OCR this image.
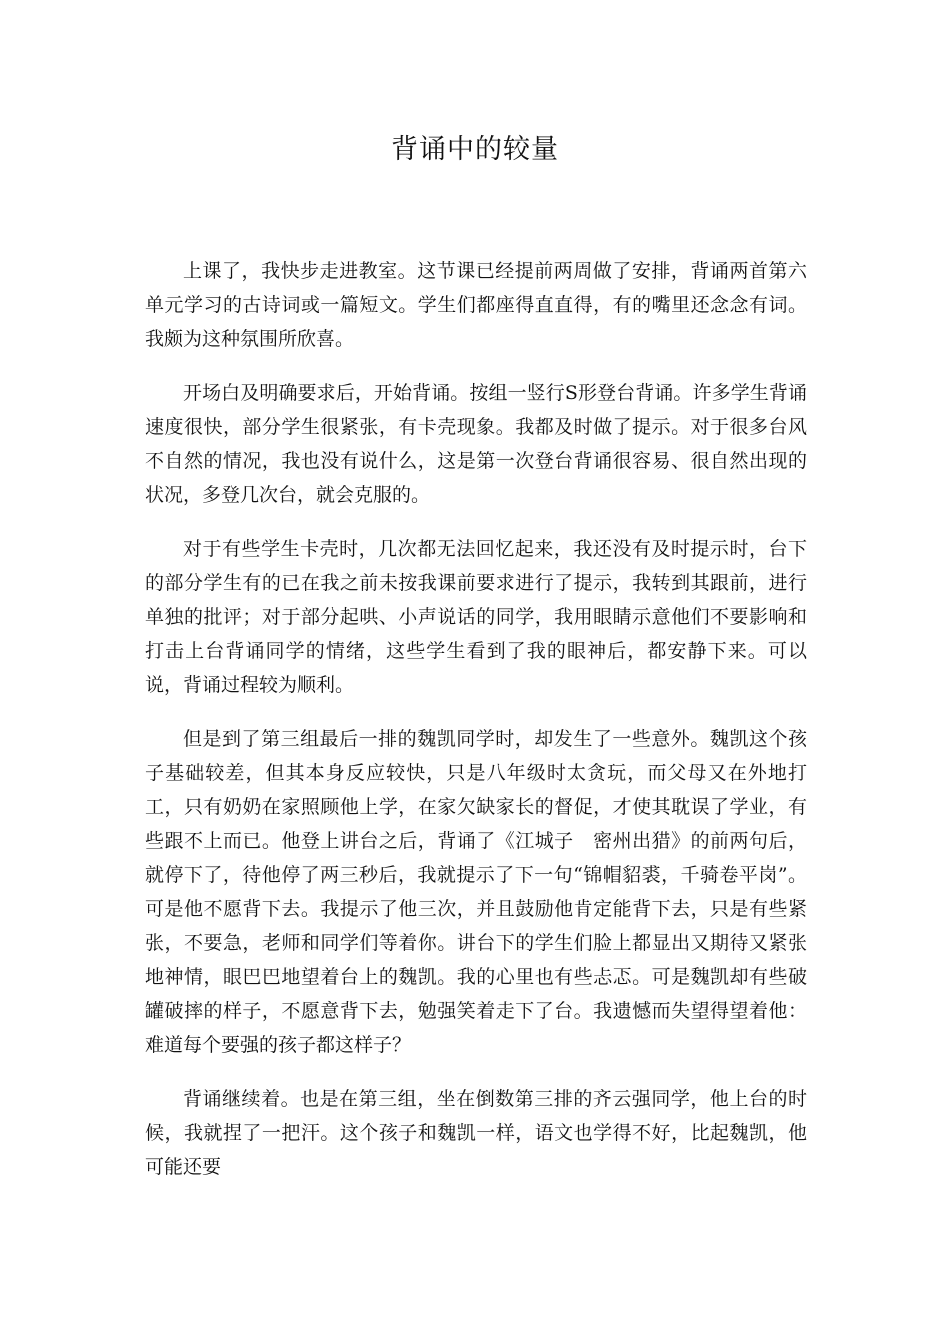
背诵中的较量

上课了，我快步走进教室。这节课已经提前两周做了安排，背诵两首第六单元学习的古诗词或一篇短文。学生们都座得直直得，有的嘴里还念念有词。我颇为这种氛围所欣喜。

开场白及明确要求后，开始背诵。按组一竖行S形登台背诵。许多学生背诵速度很快，部分学生很紧张，有卡壳现象。我都及时做了提示。对于很多台风不自然的情况，我也没有说什么，这是第一次登台背诵很容易、很自然出现的状况，多登几次台，就会克服的。

对于有些学生卡壳时，几次都无法回忆起来，我还没有及时提示时，台下的部分学生有的已在我之前未按我课前要求进行了提示，我转到其跟前，进行单独的批评；对于部分起哄、小声说话的同学，我用眼睛示意他们不要影响和打击上台背诵同学的情绪，这些学生看到了我的眼神后，都安静下来。可以说，背诵过程较为顺利。

但是到了第三组最后一排的魏凯同学时，却发生了一些意外。魏凯这个孩子基础较差，但其本身反应较快，只是八年级时太贪玩，而父母又在外地打工，只有奶奶在家照顾他上学，在家欠缺家长的督促，才使其耽误了学业，有些跟不上而已。他登上讲台之后，背诵了《江城子　密州出猎》的前两句后，就停下了，待他停了两三秒后，我就提示了下一句“锦帽貂裘，千骑卷平岗”。可是他不愿背下去。我提示了他三次，并且鼓励他肯定能背下去，只是有些紧张，不要急，老师和同学们等着你。讲台下的学生们脸上都显出又期待又紧张地神情，眼巴巴地望着台上的魏凯。我的心里也有些忐忑。可是魏凯却有些破罐破摔的样子，不愿意背下去，勉强笑着走下了台。我遗憾而失望得望着他：难道每个要强的孩子都这样子？

背诵继续着。也是在第三组，坐在倒数第三排的齐云强同学，他上台的时候，我就捏了一把汗。这个孩子和魏凯一样，语文也学得不好，比起魏凯，他可能还要
